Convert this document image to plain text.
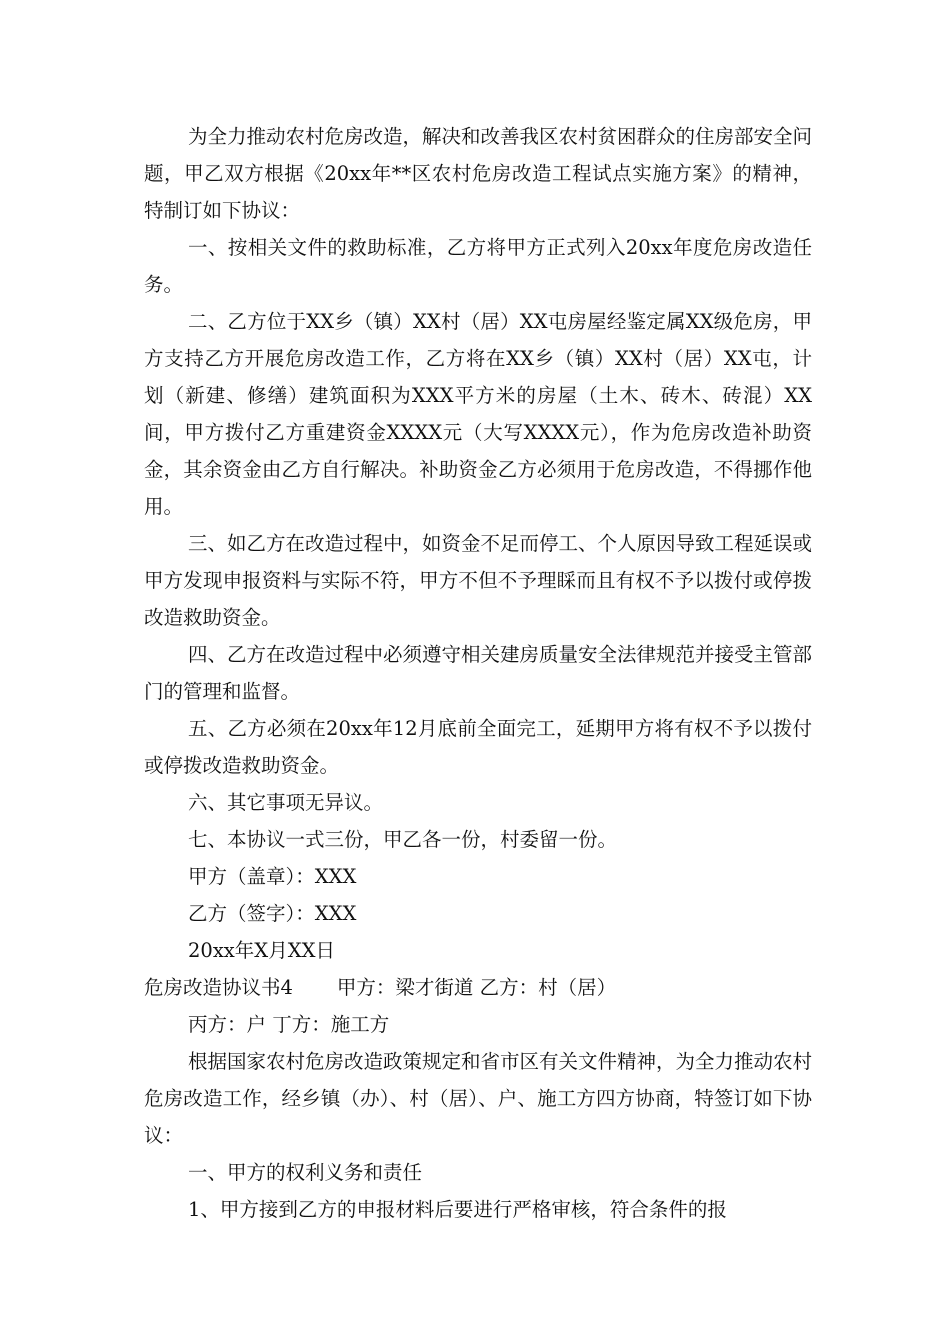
为全力推动农村危房改造，解决和改善我区农村贫困群众的住房部安全问题，甲乙双方根据《20xx年**区农村危房改造工程试点实施方案》的精神，特制订如下协议：

一、按相关文件的救助标准，乙方将甲方正式列入20xx年度危房改造任务。

二、乙方位于XX乡（镇）XX村（居）XX屯房屋经鉴定属XX级危房，甲方支持乙方开展危房改造工作，乙方将在XX乡（镇）XX村（居）XX屯，计划（新建、修缮）建筑面积为XXX平方米的房屋（土木、砖木、砖混）XX间，甲方拨付乙方重建资金XXXX元（大写XXXX元），作为危房改造补助资金，其余资金由乙方自行解决。补助资金乙方必须用于危房改造，不得挪作他用。

三、如乙方在改造过程中，如资金不足而停工、个人原因导致工程延误或甲方发现申报资料与实际不符，甲方不但不予理睬而且有权不予以拨付或停拨改造救助资金。

四、乙方在改造过程中必须遵守相关建房质量安全法律规范并接受主管部门的管理和监督。

五、乙方必须在20xx年12月底前全面完工，延期甲方将有权不予以拨付或停拨改造救助资金。

六、其它事项无异议。

七、本协议一式三份，甲乙各一份，村委留一份。

甲方（盖章）：XXX

乙方（签字）：XXX

20xx年X月XX日

危房改造协议书4 甲方：梁才街道 乙方：村（居）

丙方：户 丁方：施工方

根据国家农村危房改造政策规定和省市区有关文件精神，为全力推动农村危房改造工作，经乡镇（办）、村（居）、户、施工方四方协商，特签订如下协议：

一、甲方的权利义务和责任

1、甲方接到乙方的申报材料后要进行严格审核，符合条件的报
